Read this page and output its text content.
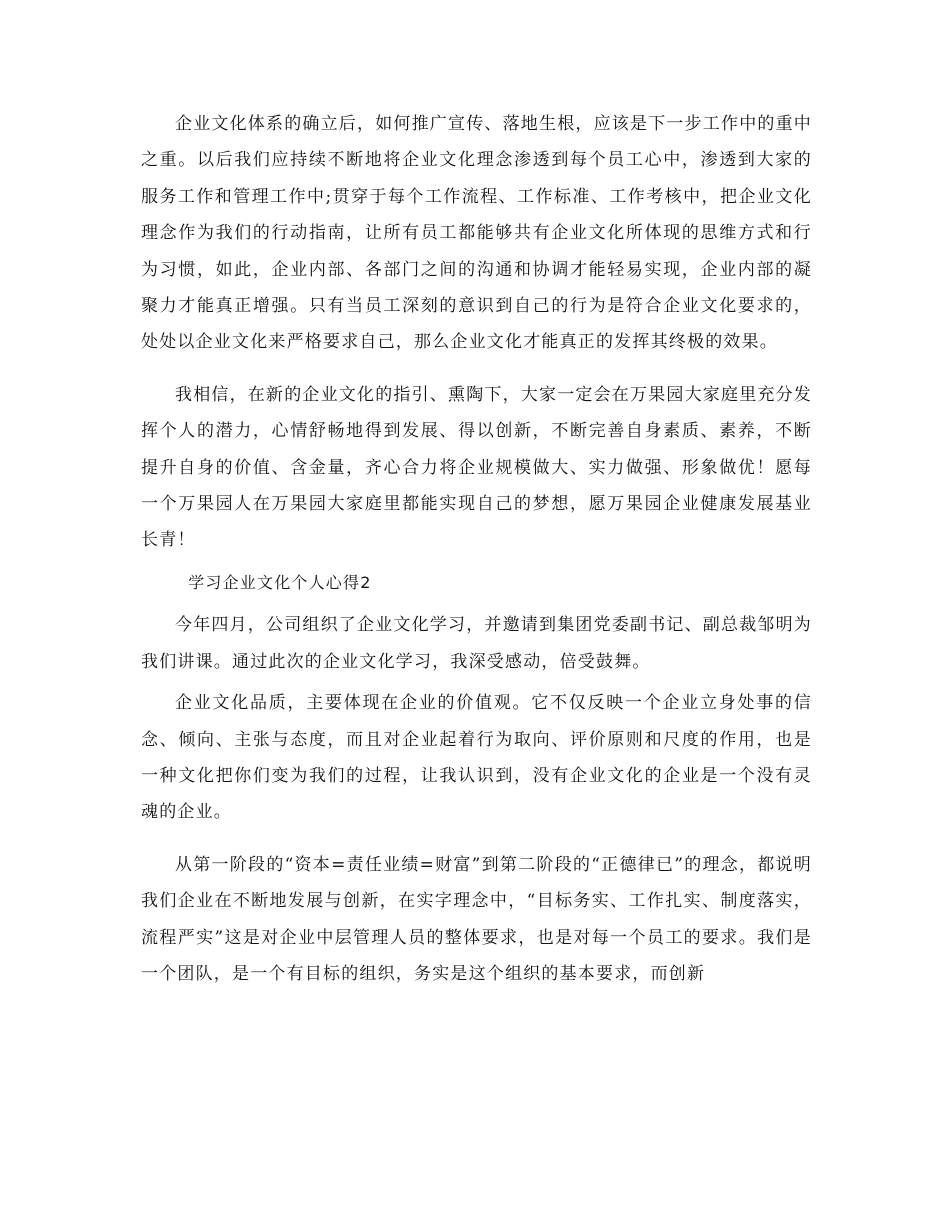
企业文化体系的确立后，如何推广宣传、落地生根，应该是下一步工作中的重中之重。以后我们应持续不断地将企业文化理念渗透到每个员工心中，渗透到大家的服务工作和管理工作中;贯穿于每个工作流程、工作标准、工作考核中，把企业文化理念作为我们的行动指南，让所有员工都能够共有企业文化所体现的思维方式和行为习惯，如此，企业内部、各部门之间的沟通和协调才能轻易实现，企业内部的凝聚力才能真正增强。只有当员工深刻的意识到自己的行为是符合企业文化要求的，处处以企业文化来严格要求自己，那么企业文化才能真正的发挥其终极的效果。

我相信，在新的企业文化的指引、熏陶下，大家一定会在万果园大家庭里充分发挥个人的潜力，心情舒畅地得到发展、得以创新，不断完善自身素质、素养，不断提升自身的价值、含金量，齐心合力将企业规模做大、实力做强、形象做优！愿每一个万果园人在万果园大家庭里都能实现自己的梦想，愿万果园企业健康发展基业长青！

学习企业文化个人心得2

今年四月，公司组织了企业文化学习，并邀请到集团党委副书记、副总裁邹明为我们讲课。通过此次的企业文化学习，我深受感动，倍受鼓舞。

企业文化品质，主要体现在企业的价值观。它不仅反映一个企业立身处事的信念、倾向、主张与态度，而且对企业起着行为取向、评价原则和尺度的作用，也是一种文化把你们变为我们的过程，让我认识到，没有企业文化的企业是一个没有灵魂的企业。

从第一阶段的“资本=责任业绩=财富”到第二阶段的“正德律已”的理念，都说明我们企业在不断地发展与创新，在实字理念中，“目标务实、工作扎实、制度落实，流程严实”这是对企业中层管理人员的整体要求，也是对每一个员工的要求。我们是一个团队，是一个有目标的组织，务实是这个组织的基本要求，而创新
